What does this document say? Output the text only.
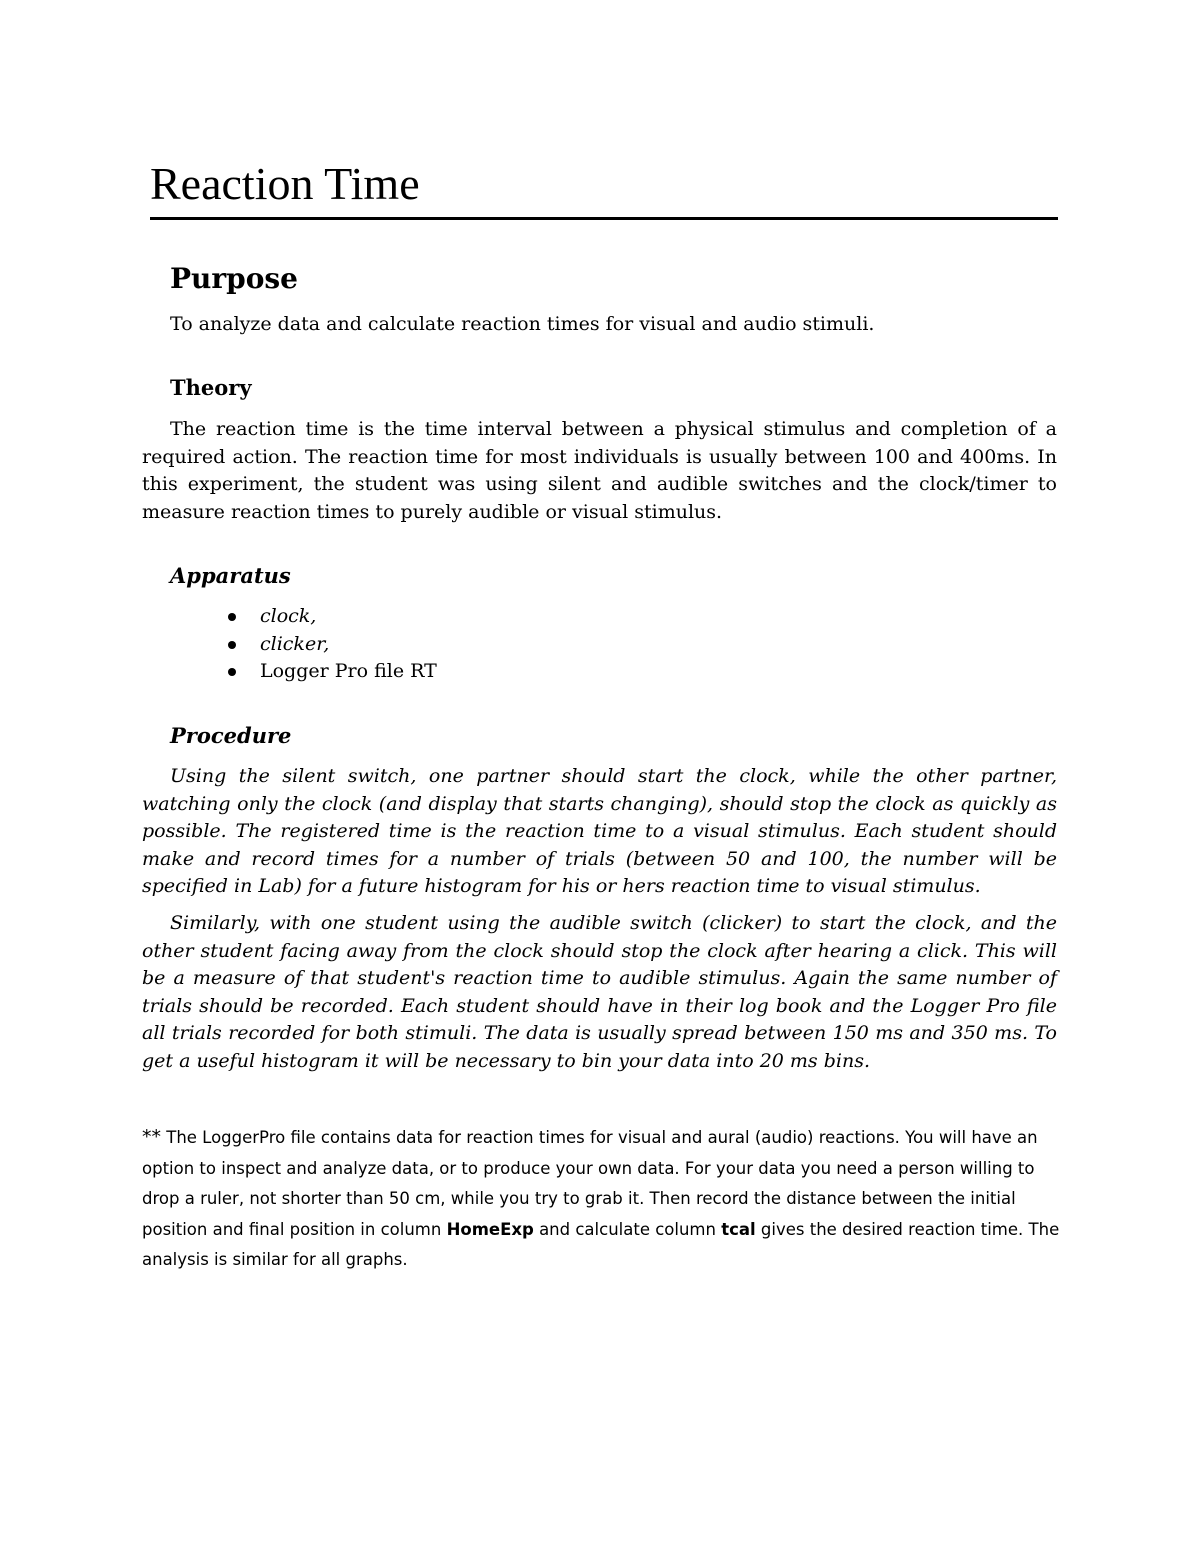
Reaction Time
Purpose

To analyze data and calculate reaction times for visual and audio stimuli.

Theory

The reaction time is the time interval between a physical stimulus and completion of a required action. The reaction time for most individuals is usually between 100 and 400ms. In this experiment, the student was using silent and audible switches and the clock/timer to measure reaction times to purely audible or visual stimulus.

Apparatus
clock,
clicker,
Logger Pro file RT
Procedure

Using the silent switch, one partner should start the clock, while the other partner, watching only the clock (and display that starts changing), should stop the clock as quickly as possible. The registered time is the reaction time to a visual stimulus. Each student should make and record times for a number of trials (between 50 and 100, the number will be specified in Lab) for a future histogram for his or hers reaction time to visual stimulus.

Similarly, with one student using the audible switch (clicker) to start the clock, and the other student facing away from the clock should stop the clock after hearing a click. This will be a measure of that student's reaction time to audible stimulus. Again the same number of trials should be recorded. Each student should have in their log book and the Logger Pro file all trials recorded for both stimuli. The data is usually spread between 150 ms and 350 ms. To get a useful histogram it will be necessary to bin your data into 20 ms bins.

** The LoggerPro file contains data for reaction times for visual and aural (audio) reactions. You will have an option to inspect and analyze data, or to produce your own data. For your data you need a person willing to drop a ruler, not shorter than 50 cm, while you try to grab it. Then record the distance between the initial position and final position in column HomeExp and calculate column tcal gives the desired reaction time. The analysis is similar for all graphs.
